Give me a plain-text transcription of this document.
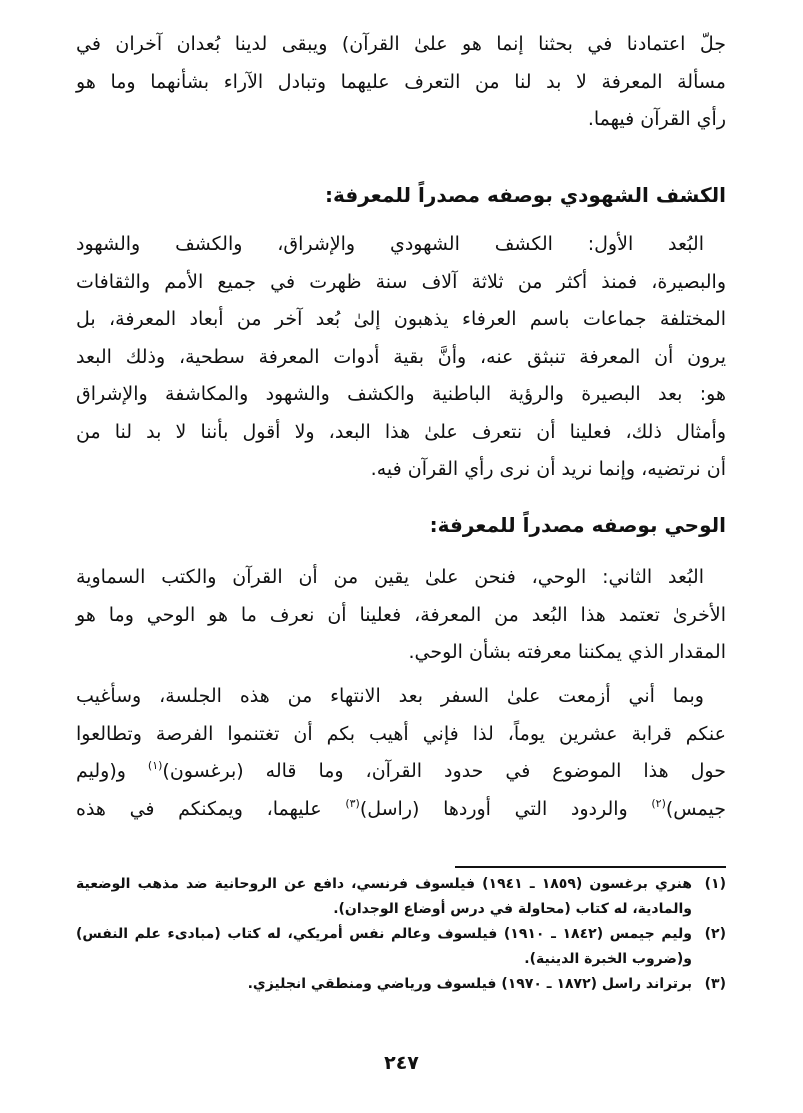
جلّ اعتمادنا في بحثنا إنما هو علىٰ القرآن) ويبقى لدينا بُعدان آخران في
مسألة المعرفة لا بد لنا من التعرف عليهما وتبادل الآراء بشأنهما وما هو
رأي القرآن فيهما.
الكشف الشهودي بوصفه مصدراً للمعرفة:
البُعد الأول: الكشف الشهودي والإشراق، والكشف والشهود
والبصيرة، فمنذ أكثر من ثلاثة آلاف سنة ظهرت في جميع الأمم والثقافات
المختلفة جماعات باسم العرفاء يذهبون إلىٰ بُعد آخر من أبعاد المعرفة، بل
يرون أن المعرفة تنبثق عنه، وأنَّ بقية أدوات المعرفة سطحية، وذلك البعد
هو: بعد البصيرة والرؤية الباطنية والكشف والشهود والمكاشفة والإشراق
وأمثال ذلك، فعلينا أن نتعرف علىٰ هذا البعد، ولا أقول بأننا لا بد لنا من
أن نرتضيه، وإنما نريد أن نرى رأي القرآن فيه.
الوحي بوصفه مصدراً للمعرفة:
البُعد الثاني: الوحي، فنحن علىٰ يقين من أن القرآن والكتب السماوية
الأخرىٰ تعتمد هذا البُعد من المعرفة، فعلينا أن نعرف ما هو الوحي وما هو
المقدار الذي يمكننا معرفته بشأن الوحي.
وبما أني أزمعت علىٰ السفر بعد الانتهاء من هذه الجلسة، وسأغيب
عنكم قرابة عشرين يوماً، لذا فإني أهيب بكم أن تغتنموا الفرصة وتطالعوا
حول هذا الموضوع في حدود القرآن، وما قاله (برغسون)$^{(١)}$ و(وليم
جيمس)$^{(٢)}$ والردود التي أوردها (راسل)$^{(٣)}$ عليهما، ويمكنكم في هذه
(١)
هنري برغسون (١٨٥٩ ـ ١٩٤١) فيلسوف فرنسي، دافع عن الروحانية ضد مذهب الوضعية
والمادية، له كتاب (محاولة في درس أوضاع الوجدان).
(٢)
وليم جيمس (١٨٤٢ ـ ١٩١٠) فيلسوف وعالم نفس أمريكي، له كتاب (مبادىء علم النفس)
و(ضروب الخبرة الدينية).
(٣)
برتراند راسل (١٨٧٢ ـ ١٩٧٠) فيلسوف ورياضي ومنطقي انجليزي.
٢٤٧
